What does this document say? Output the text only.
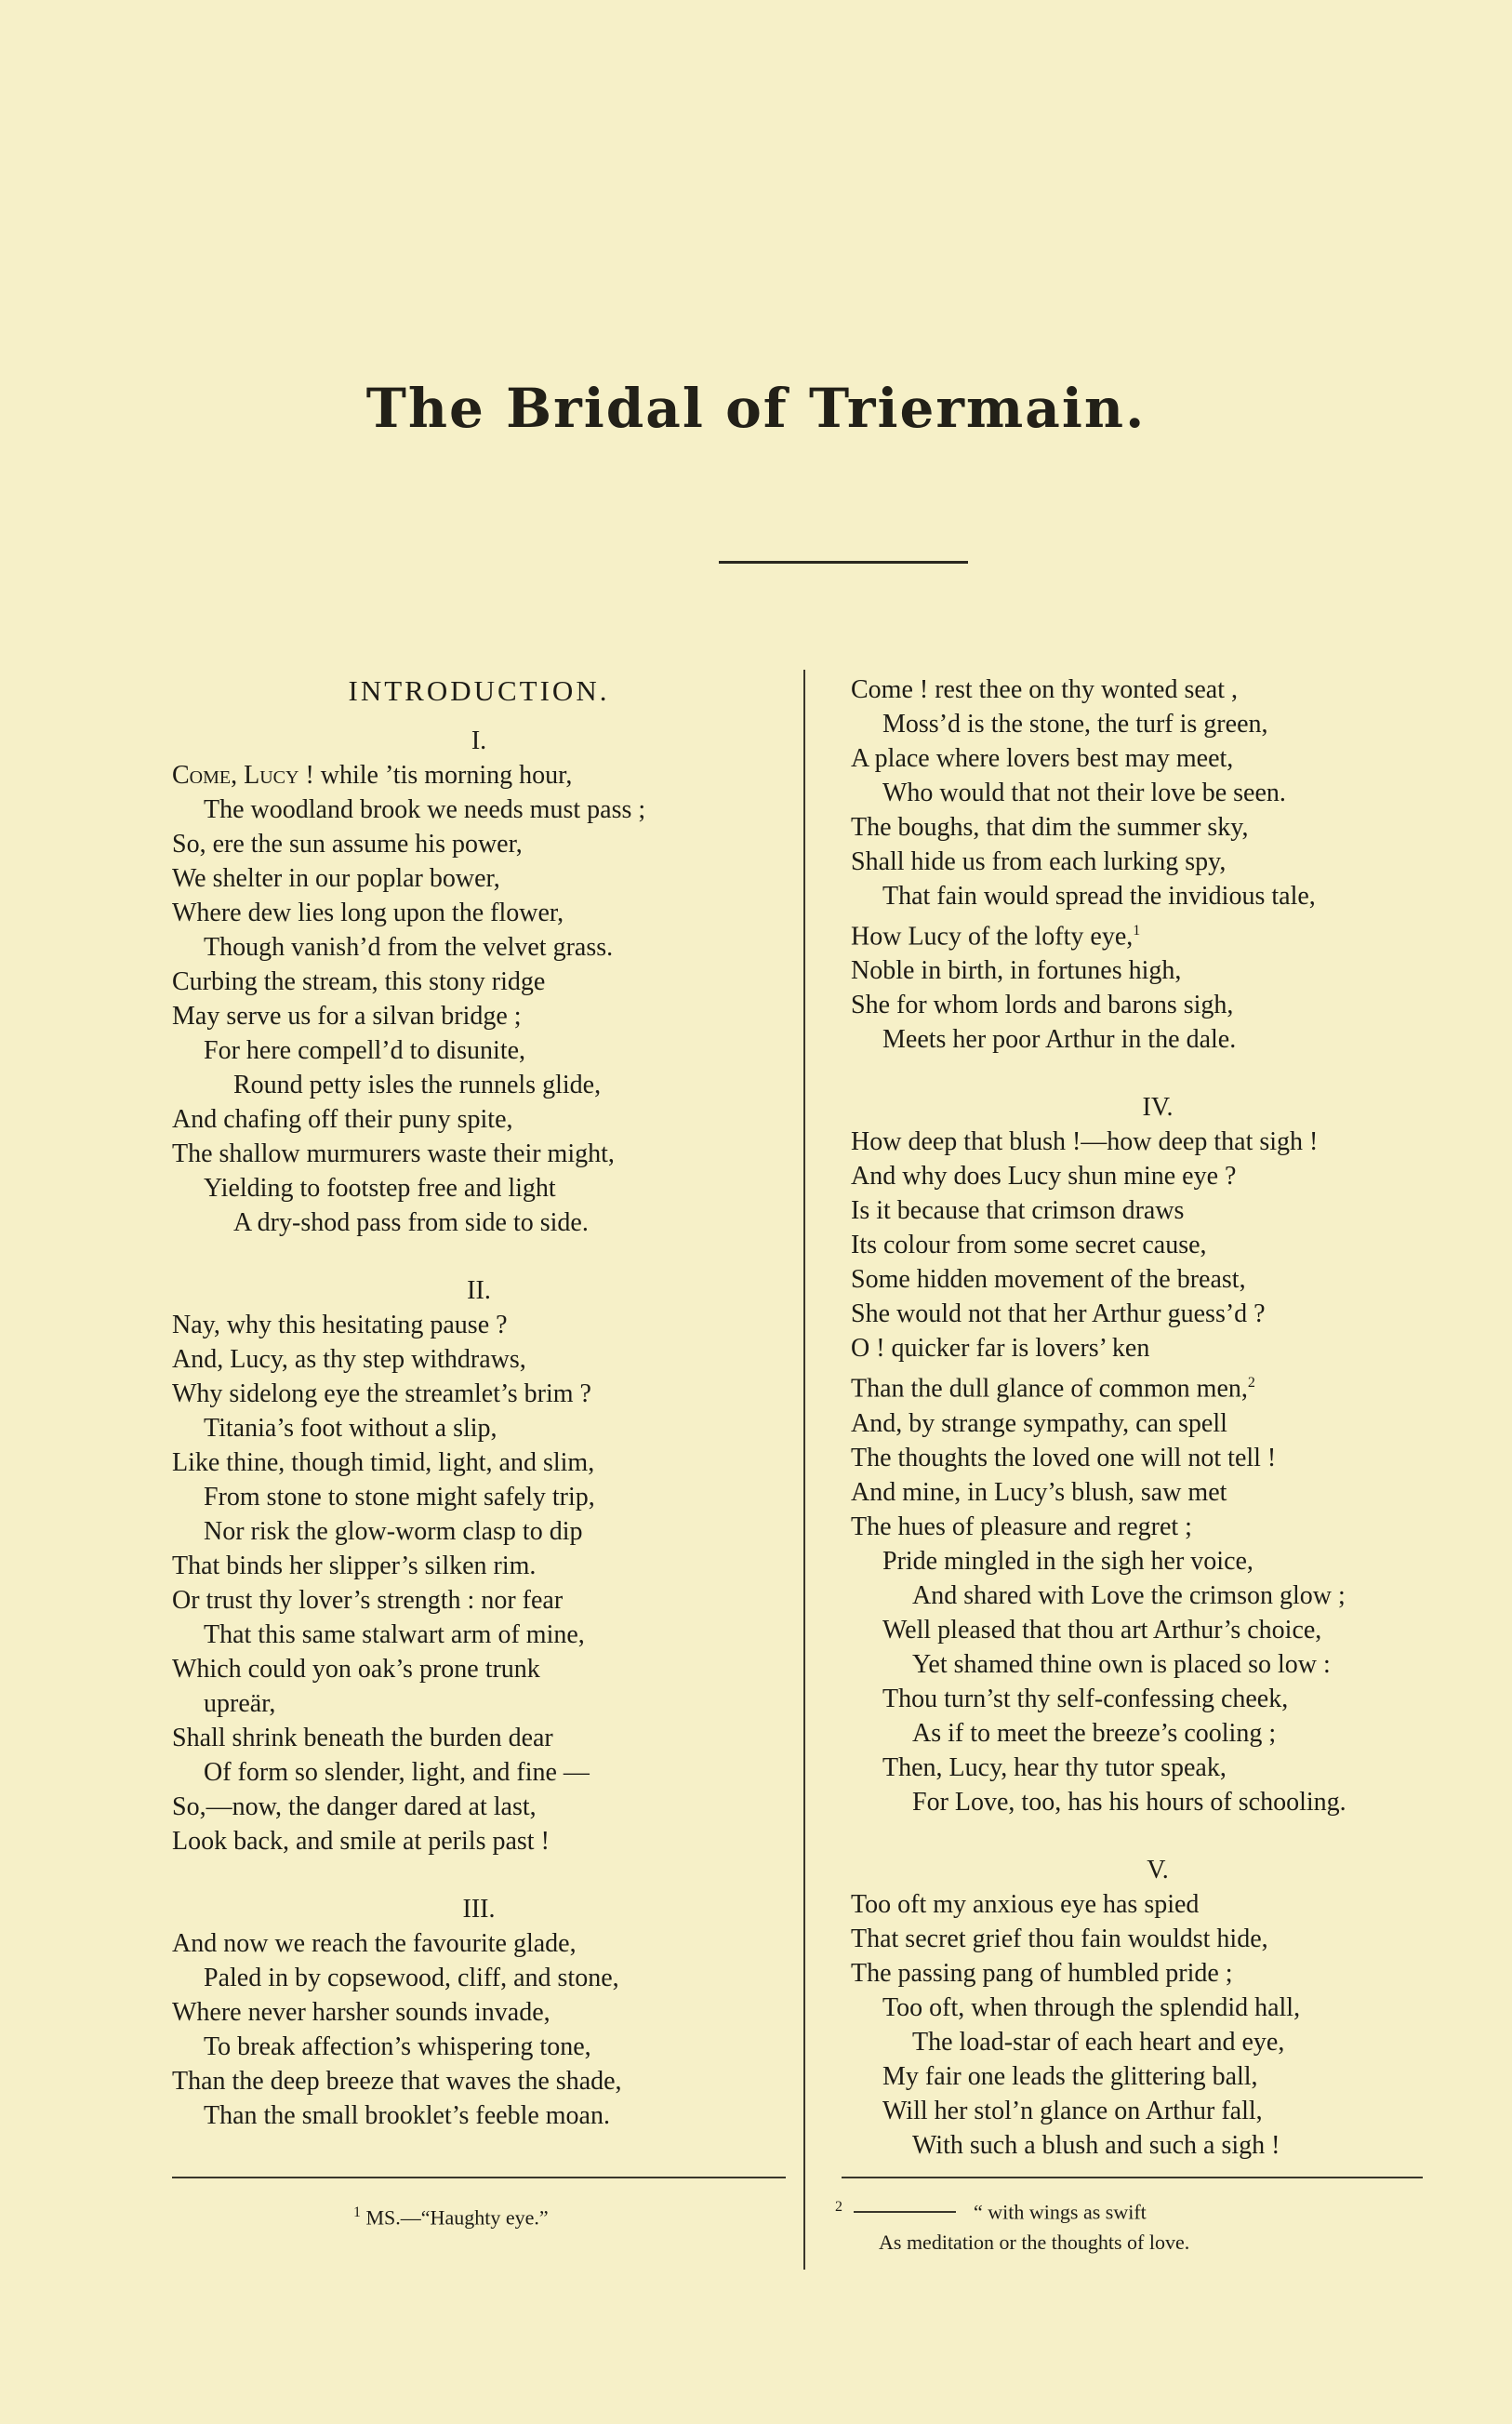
The Bridal of Triermain.
INTRODUCTION.
I.
Come, Lucy ! while ’tis morning hour,
The woodland brook we needs must pass ;
So, ere the sun assume his power,
We shelter in our poplar bower,
Where dew lies long upon the flower,
Though vanish’d from the velvet grass.
Curbing the stream, this stony ridge
May serve us for a silvan bridge ;
For here compell’d to disunite,
Round petty isles the runnels glide,
And chafing off their puny spite,
The shallow murmurers waste their might,
Yielding to footstep free and light
A dry-shod pass from side to side.
II.
Nay, why this hesitating pause ?
And, Lucy, as thy step withdraws,
Why sidelong eye the streamlet’s brim ?
Titania’s foot without a slip,
Like thine, though timid, light, and slim,
From stone to stone might safely trip,
Nor risk the glow-worm clasp to dip
That binds her slipper’s silken rim.
Or trust thy lover’s strength : nor fear
That this same stalwart arm of mine,
Which could yon oak’s prone trunk
upreär,
Shall shrink beneath the burden dear
Of form so slender, light, and fine —
So,—now, the danger dared at last,
Look back, and smile at perils past !
III.
And now we reach the favourite glade,
Paled in by copsewood, cliff, and stone,
Where never harsher sounds invade,
To break affection’s whispering tone,
Than the deep breeze that waves the shade,
Than the small brooklet’s feeble moan.
Come ! rest thee on thy wonted seat ,
Moss’d is the stone, the turf is green,
A place where lovers best may meet,
Who would that not their love be seen.
The boughs, that dim the summer sky,
Shall hide us from each lurking spy,
That fain would spread the invidious tale,
How Lucy of the lofty eye,$^1$
Noble in birth, in fortunes high,
She for whom lords and barons sigh,
Meets her poor Arthur in the dale.
IV.
How deep that blush !—how deep that sigh !
And why does Lucy shun mine eye ?
Is it because that crimson draws
Its colour from some secret cause,
Some hidden movement of the breast,
She would not that her Arthur guess’d ?
O ! quicker far is lovers’ ken
Than the dull glance of common men,$^2$
And, by strange sympathy, can spell
The thoughts the loved one will not tell !
And mine, in Lucy’s blush, saw met
The hues of pleasure and regret ;
Pride mingled in the sigh her voice,
And shared with Love the crimson glow ;
Well pleased that thou art Arthur’s choice,
Yet shamed thine own is placed so low :
Thou turn’st thy self-confessing cheek,
As if to meet the breeze’s cooling ;
Then, Lucy, hear thy tutor speak,
For Love, too, has his hours of schooling.
V.
Too oft my anxious eye has spied
That secret grief thou fain wouldst hide,
The passing pang of humbled pride ;
Too oft, when through the splendid hall,
The load-star of each heart and eye,
My fair one leads the glittering ball,
Will her stol’n glance on Arthur fall,
With such a blush and such a sigh !
$^1$ MS.—“Haughty eye.”	$^2$	“ with wings as swift
As meditation or the thoughts of love.
